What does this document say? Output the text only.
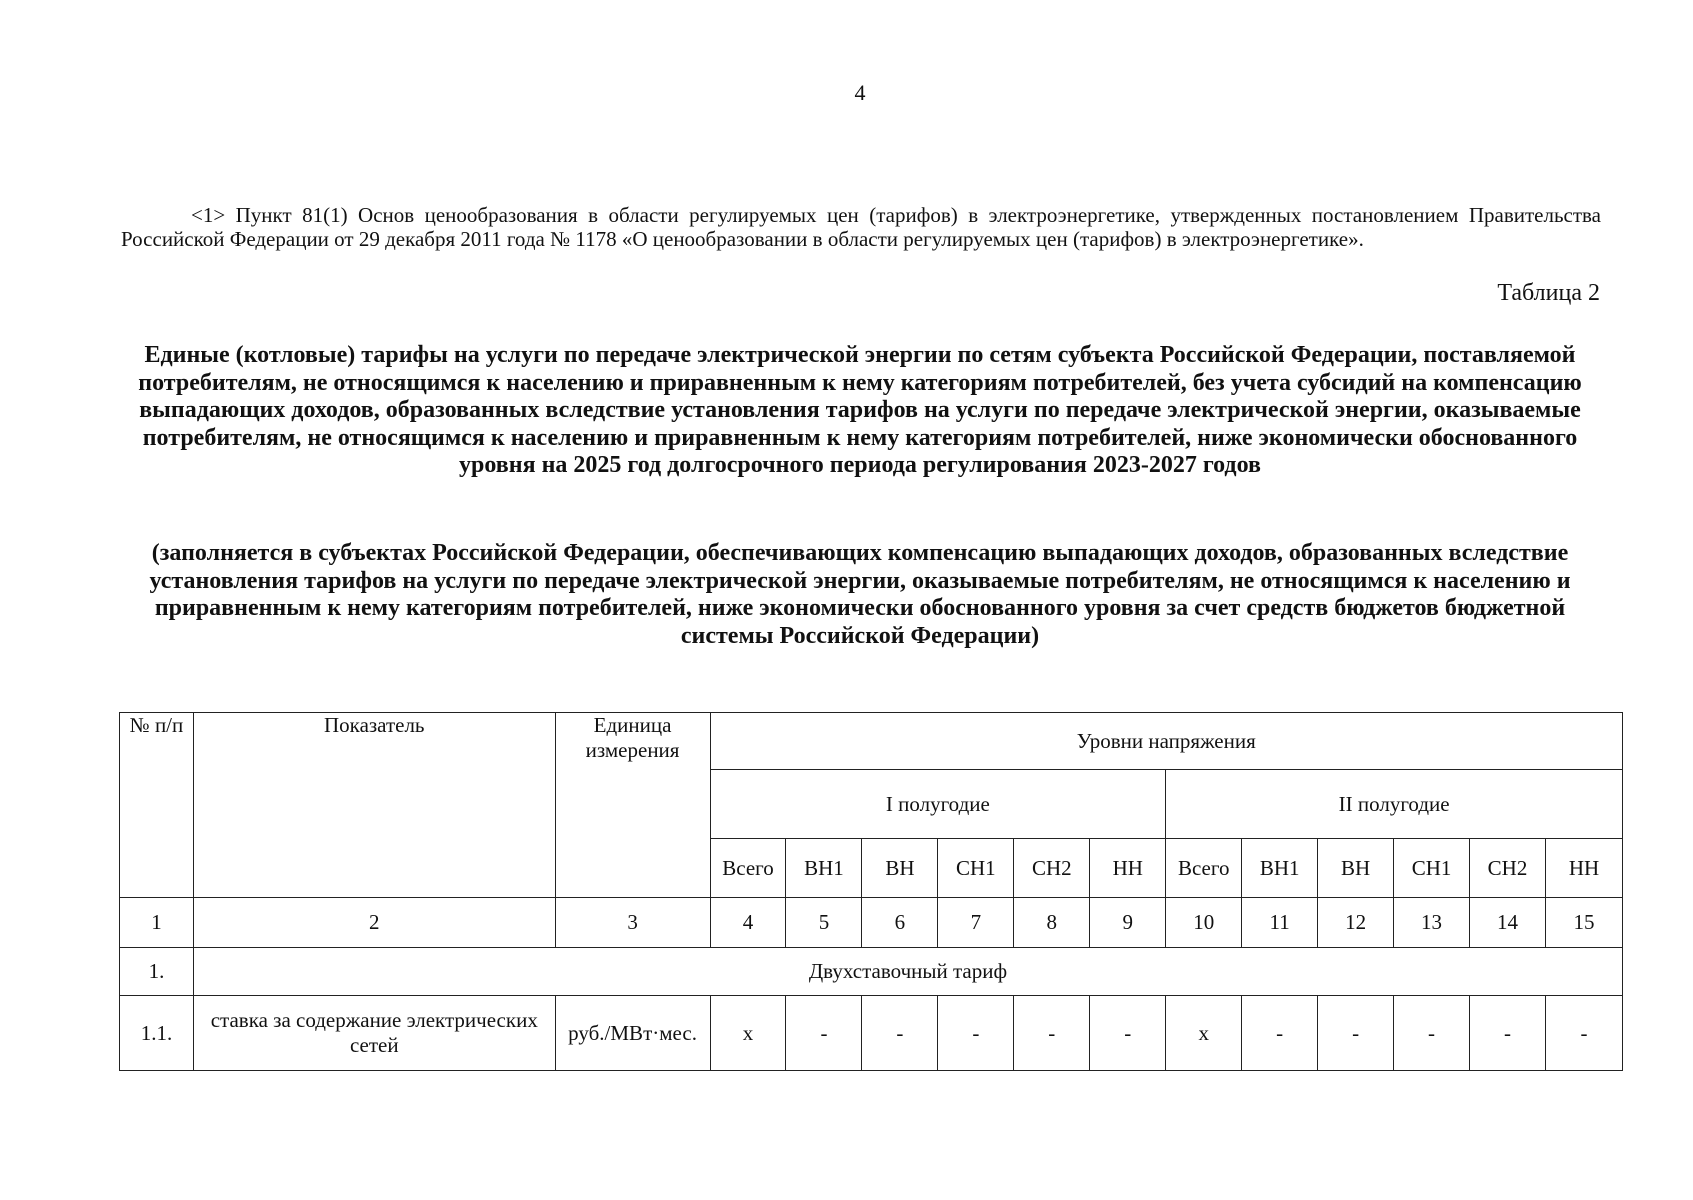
4
<1> Пункт 81(1) Основ ценообразования в области регулируемых цен (тарифов) в электроэнергетике, утвержденных постановлением Правительства Российской Федерации от 29 декабря 2011 года № 1178 «О ценообразовании в области регулируемых цен (тарифов) в электроэнергетике».
Таблица 2
Единые (котловые) тарифы на услуги по передаче электрической энергии по сетям субъекта Российской Федерации, поставляемой потребителям, не относящимся к населению и приравненным к нему категориям потребителей, без учета субсидий на компенсацию выпадающих доходов, образованных вследствие установления тарифов на услуги по передаче электрической энергии, оказываемые потребителям, не относящимся к населению и приравненным к нему категориям потребителей, ниже экономически обоснованного уровня на 2025 год долгосрочного периода регулирования 2023-2027 годов
(заполняется в субъектах Российской Федерации, обеспечивающих компенсацию выпадающих доходов, образованных вследствие установления тарифов на услуги по передаче электрической энергии, оказываемые потребителям, не относящимся к населению и приравненным к нему категориям потребителей, ниже экономически обоснованного уровня за счет средств бюджетов бюджетной системы Российской Федерации)
№ п/п	Показатель	Единица измерения	Уровни напряжения											
			I полугодие						II полугодие					
			Всего	ВН1	ВН	СН1	СН2	НН	Всего	ВН1	ВН	СН1	СН2	НН
1	2	3	4	5	6	7	8	9	10	11	12	13	14	15
1.	Двухставочный тариф													
1.1.	ставка за содержание электрических сетей	руб./МВт·мес.	x	-	-	-	-	-	x	-	-	-	-	-
